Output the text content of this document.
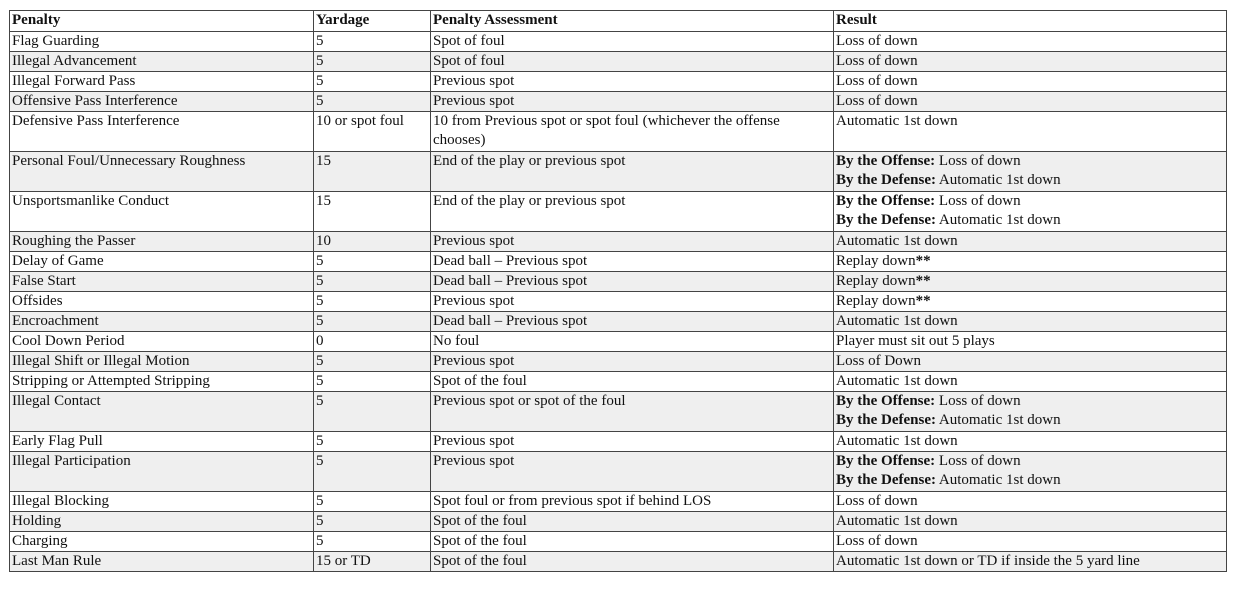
Penalty	Yardage	Penalty Assessment	Result
Flag Guarding	5	Spot of foul	Loss of down
Illegal Advancement	5	Spot of foul	Loss of down
Illegal Forward Pass	5	Previous spot	Loss of down
Offensive Pass Interference	5	Previous spot	Loss of down
Defensive Pass Interference	10 or spot foul	10 from Previous spot or spot foul (whichever the offense chooses)	Automatic 1st down
Personal Foul/Unnecessary Roughness	15	End of the play or previous spot	By the Offense: Loss of down
By the Defense: Automatic 1st down

Unsportsmanlike Conduct	15	End of the play or previous spot	By the Offense: Loss of down
By the Defense: Automatic 1st down

Roughing the Passer	10	Previous spot	Automatic 1st down
Delay of Game	5	Dead ball – Previous spot	Replay down**
False Start	5	Dead ball – Previous spot	Replay down**
Offsides	5	Previous spot	Replay down**
Encroachment	5	Dead ball – Previous spot	Automatic 1st down
Cool Down Period	0	No foul	Player must sit out 5 plays
Illegal Shift or Illegal Motion	5	Previous spot	Loss of Down
Stripping or Attempted Stripping	5	Spot of the foul	Automatic 1st down
Illegal Contact	5	Previous spot or spot of the foul	By the Offense: Loss of down
By the Defense: Automatic 1st down

Early Flag Pull	5	Previous spot	Automatic 1st down
Illegal Participation	5	Previous spot	By the Offense: Loss of down
By the Defense: Automatic 1st down

Illegal Blocking	5	Spot foul or from previous spot if behind LOS	Loss of down
Holding	5	Spot of the foul	Automatic 1st down
Charging	5	Spot of the foul	Loss of down
Last Man Rule	15 or TD	Spot of the foul	Automatic 1st down or TD if inside the 5 yard line
